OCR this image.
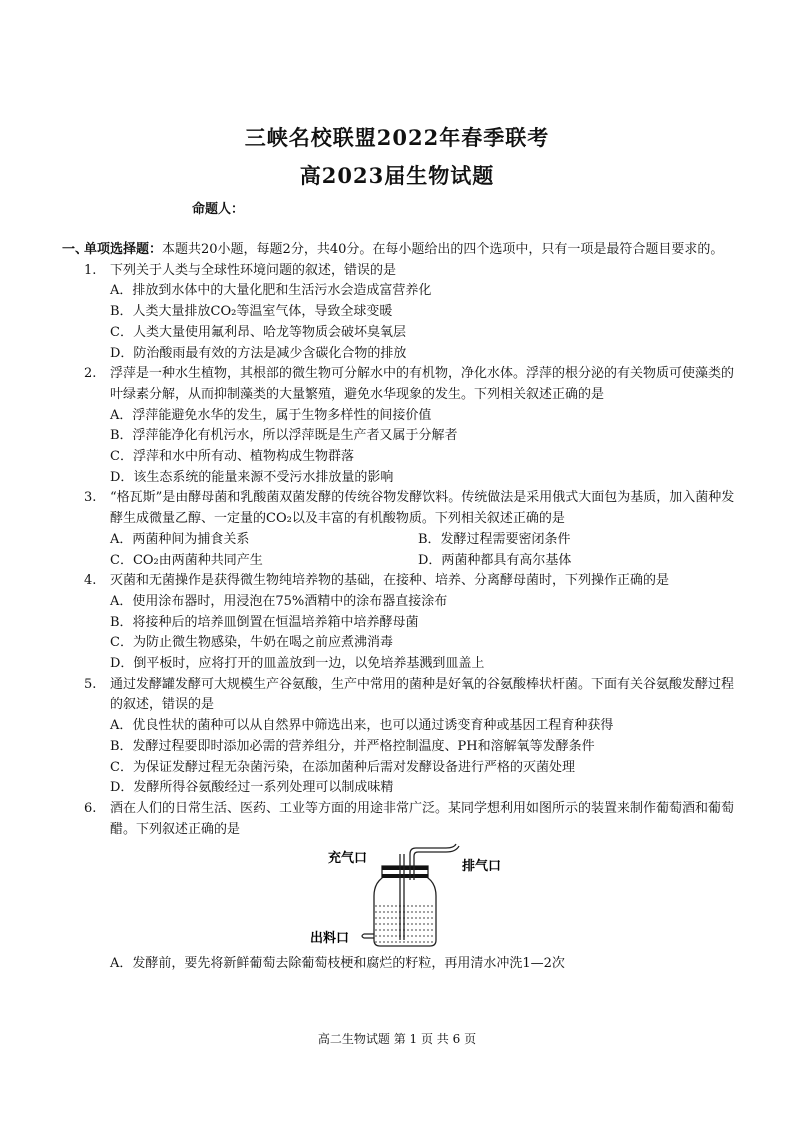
三峡名校联盟2022年春季联考
高2023届生物试题
命题人：
一、
单项选择题：本题共20小题，每题2分，共40分。在每小题给出的四个选项中，只有一项是最符合题目要求的。
1.	下列关于人类与全球性环境问题的叙述，错误的是
A．排放到水体中的大量化肥和生活污水会造成富营养化
B．人类大量排放CO₂等温室气体，导致全球变暖
C．人类大量使用氟利昂、哈龙等物质会破坏臭氧层
D．防治酸雨最有效的方法是减少含碳化合物的排放
2.	浮萍是一种水生植物，其根部的微生物可分解水中的有机物，净化水体。浮萍的根分泌的有关物质可使藻类的叶绿素分解，从而抑制藻类的大量繁殖，避免水华现象的发生。下列相关叙述正确的是
A．浮萍能避免水华的发生，属于生物多样性的间接价值
B．浮萍能净化有机污水，所以浮萍既是生产者又属于分解者
C．浮萍和水中所有动、植物构成生物群落
D．该生态系统的能量来源不受污水排放量的影响
3.	“格瓦斯”是由酵母菌和乳酸菌双菌发酵的传统谷物发酵饮料。传统做法是采用俄式大面包为基质，加入菌种发酵生成微量乙醇、一定量的CO₂以及丰富的有机酸物质。下列相关叙述正确的是
A．两菌种间为捕食关系	B．发酵过程需要密闭条件
C．CO₂由两菌种共同产生	D．两菌种都具有高尔基体
4.	灭菌和无菌操作是获得微生物纯培养物的基础，在接种、培养、分离酵母菌时，下列操作正确的是
A．使用涂布器时，用浸泡在75%酒精中的涂布器直接涂布
B．将接种后的培养皿倒置在恒温培养箱中培养酵母菌
C．为防止微生物感染，牛奶在喝之前应煮沸消毒
D．倒平板时，应将打开的皿盖放到一边，以免培养基溅到皿盖上
5.	通过发酵罐发酵可大规模生产谷氨酸，生产中常用的菌种是好氧的谷氨酸棒状杆菌。下面有关谷氨酸发酵过程的叙述，错误的是
A．优良性状的菌种可以从自然界中筛选出来，也可以通过诱变育种或基因工程育种获得
B．发酵过程要即时添加必需的营养组分，并严格控制温度、PH和溶解氧等发酵条件
C．为保证发酵过程无杂菌污染，在添加菌种后需对发酵设备进行严格的灭菌处理
D．发酵所得谷氨酸经过一系列处理可以制成味精
6.	酒在人们的日常生活、医药、工业等方面的用途非常广泛。某同学想利用如图所示的装置来制作葡萄酒和葡萄醋。下列叙述正确的是
充气口
排气口
出料口
A．发酵前，要先将新鲜葡萄去除葡萄枝梗和腐烂的籽粒，再用清水冲洗1—2次
高二生物试题 第 1 页 共 6 页
